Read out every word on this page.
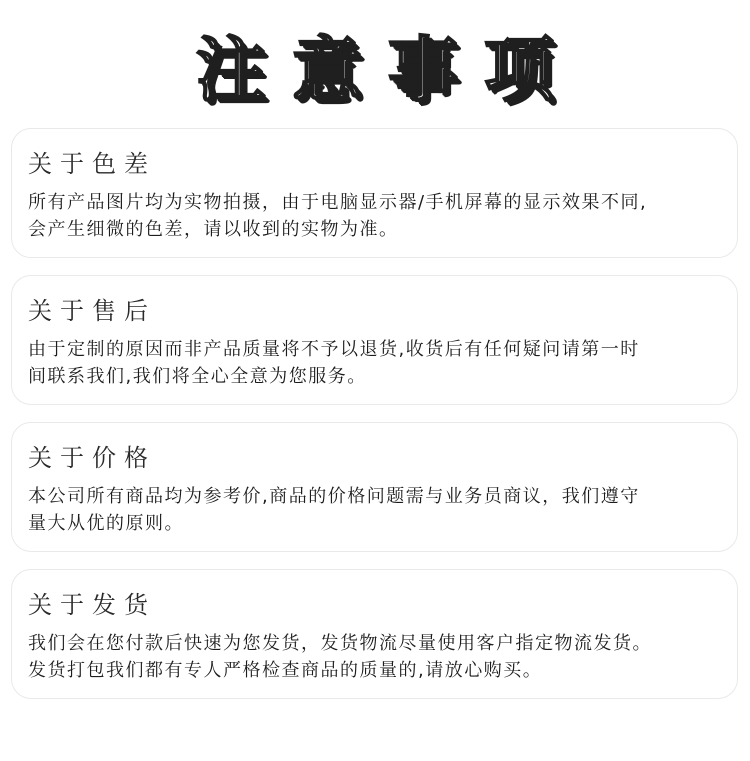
注意事项
关于色差
所有产品图片均为实物拍摄，由于电脑显示器/手机屏幕的显示效果不同,
会产生细微的色差，请以收到的实物为准。
关于售后
由于定制的原因而非产品质量将不予以退货,收货后有任何疑问请第一时
间联系我们,我们将全心全意为您服务。
关于价格
本公司所有商品均为参考价,商品的价格问题需与业务员商议，我们遵守
量大从优的原则。
关于发货
我们会在您付款后快速为您发货，发货物流尽量使用客户指定物流发货。
发货打包我们都有专人严格检查商品的质量的,请放心购买。
